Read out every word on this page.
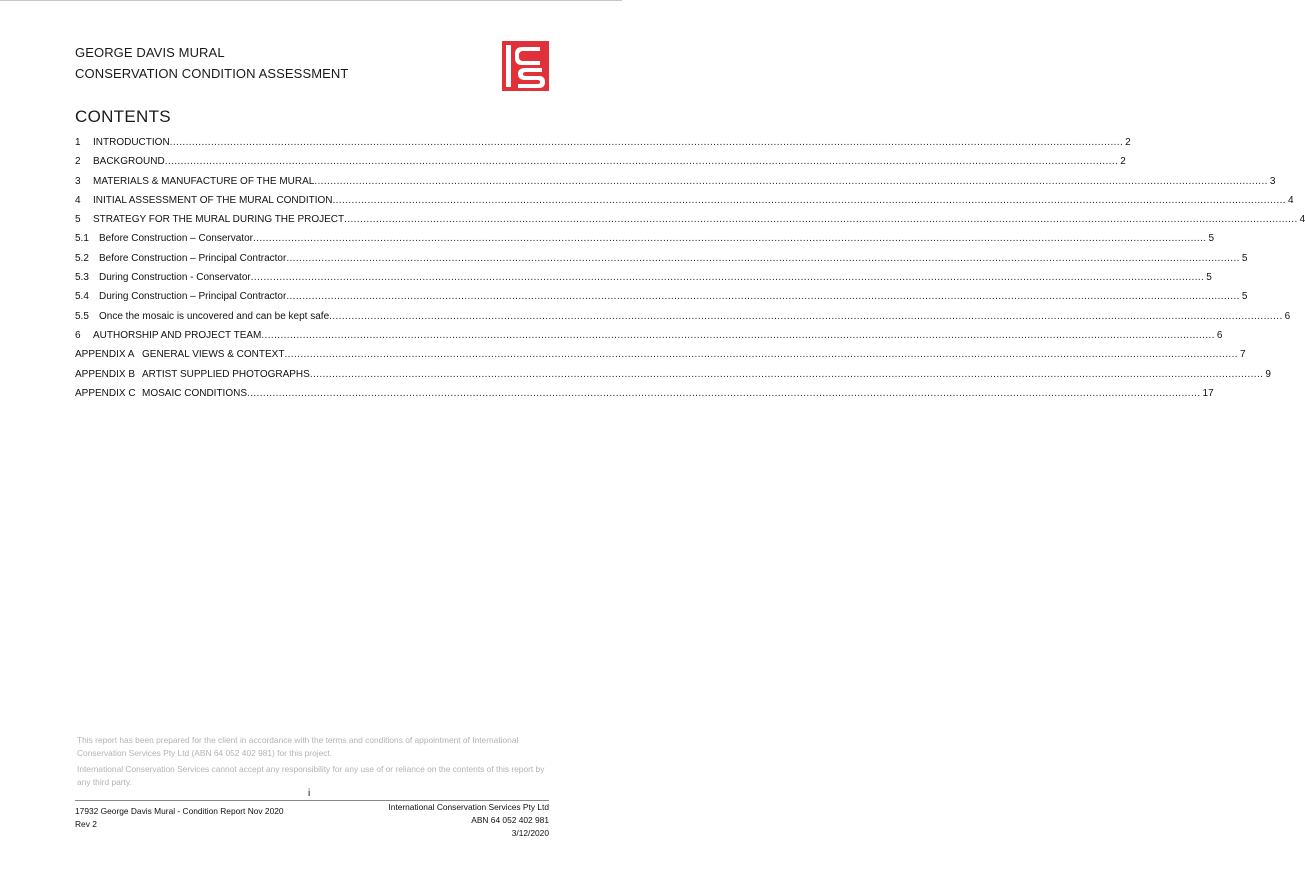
GEORGE DAVIS MURAL
CONSERVATION CONDITION ASSESSMENT
CONTENTS
1	INTRODUCTION ............................................................................................................................................................................................................................................................................................................ 2
2	BACKGROUND ............................................................................................................................................................................................................................................................................................................ 2
3	MATERIALS & MANUFACTURE OF THE MURAL ............................................................................................................................................................................................................................................................................................................ 3
4	INITIAL ASSESSMENT OF THE MURAL CONDITION ............................................................................................................................................................................................................................................................................................................ 4
5	STRATEGY FOR THE MURAL DURING THE PROJECT ............................................................................................................................................................................................................................................................................................................ 4
5.1	Before Construction – Conservator ............................................................................................................................................................................................................................................................................................................ 5
5.2	Before Construction – Principal Contractor ............................................................................................................................................................................................................................................................................................................ 5
5.3	During Construction - Conservator ............................................................................................................................................................................................................................................................................................................ 5
5.4	During Construction – Principal Contractor ............................................................................................................................................................................................................................................................................................................ 5
5.5	Once the mosaic is uncovered and can be kept safe ............................................................................................................................................................................................................................................................................................................ 6
6	AUTHORSHIP AND PROJECT TEAM ............................................................................................................................................................................................................................................................................................................ 6
APPENDIX A GENERAL VIEWS & CONTEXT ............................................................................................................................................................................................................................................................................................................ 7
APPENDIX B ARTIST SUPPLIED PHOTOGRAPHS ............................................................................................................................................................................................................................................................................................................ 9
APPENDIX C MOSAIC CONDITIONS ............................................................................................................................................................................................................................................................................................................ 17

This report has been prepared for the client in accordance with the terms and conditions of appointment of International Conservation Services Pty Ltd (ABN 64 052 402 981) for this project.

International Conservation Services cannot accept any responsibility for any use of or reliance on the contents of this report by any third party.

i
17932 George Davis Mural - Condition Report Nov 2020
Rev 2
International Conservation Services Pty Ltd
ABN 64 052 402 981
3/12/2020
